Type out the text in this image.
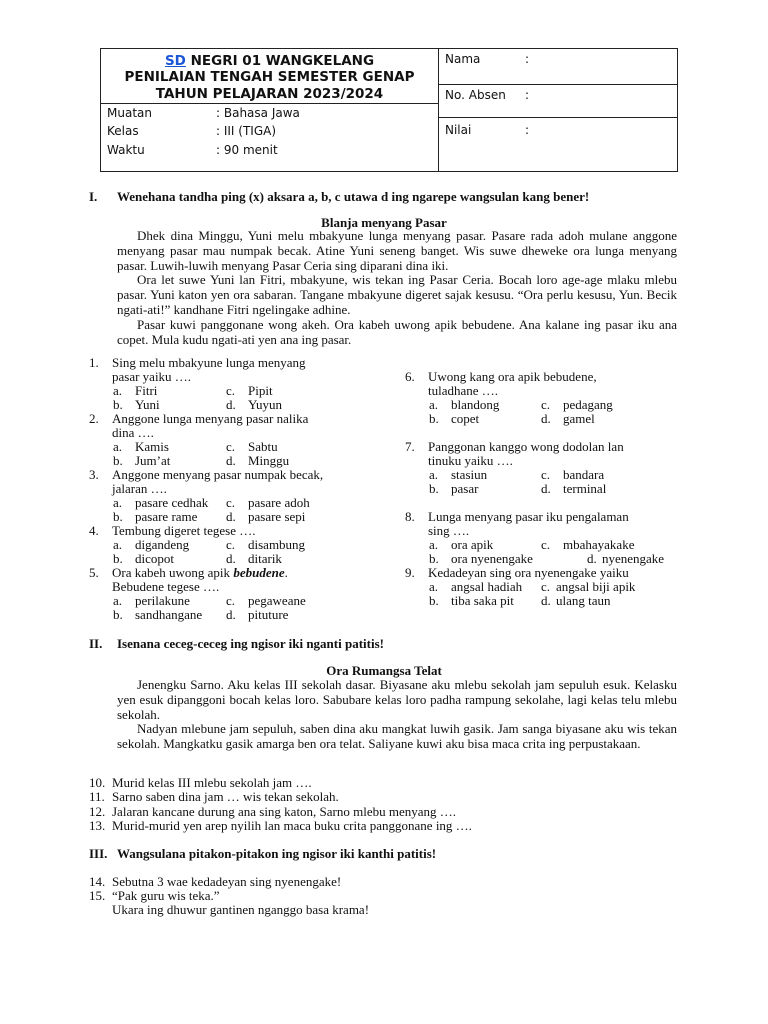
SD NEGRI 01 WANGKELANG
PENILAIAN TENGAH SEMESTER GENAP
TAHUN PELAJARAN 2023/2024
Muatan	: Bahasa Jawa
Kelas	: III (TIGA)
Waktu	: 90 menit
Nama	:
No. Absen :
Nilai	:
I. Wenehana tandha ping (x) aksara a, b, c utawa d ing ngarepe wangsulan kang bener!
Blanja menyang Pasar

Dhek dina Minggu, Yuni melu mbakyune lunga menyang pasar. Pasare rada adoh mulane anggone menyang pasar mau numpak becak. Atine Yuni seneng banget. Wis suwe dheweke ora lunga menyang pasar. Luwih-luwih menyang Pasar Ceria sing diparani dina iki.

Ora let suwe Yuni lan Fitri, mbakyune, wis tekan ing Pasar Ceria. Bocah loro age-age mlaku mlebu pasar. Yuni katon yen ora sabaran. Tangane mbakyune digeret sajak kesusu. “Ora perlu kesusu, Yun. Becik ngati-ati!” kandhane Fitri ngelingake adhine.

Pasar kuwi panggonane wong akeh. Ora kabeh uwong apik bebudene. Ana kalane ing pasar iku ana copet. Mula kudu ngati-ati yen ana ing pasar.

1. Sing melu mbakyune lunga menyang
pasar yaiku ….
a. Fitri	c. Pipit
b. Yuni	d. Yuyun
2. Anggone lunga menyang pasar nalika
dina ….
a. Kamis	c. Sabtu
b. Jum’at	d. Minggu
3. Anggone menyang pasar numpak becak,
jalaran ….
a. pasare cedhak c. pasare adoh
b. pasare rame d. pasare sepi
4. Tembung digeret tegese ….
a. digandeng	c. disambung
b. dicopot	d. ditarik
5. Ora kabeh uwong apik bebudene.
Bebudene tegese ….
a. perilakune	c. pegaweane
b. sandhangane d. pituture
6. Uwong kang ora apik bebudene,
tuladhane ….
a. blandong	c. pedagang
b. copet	d. gamel
7. Panggonan kanggo wong dodolan lan
tinuku yaiku ….
a. stasiun	c. bandara
b. pasar	d. terminal
8. Lunga menyang pasar iku pengalaman
sing ….
a. ora apik	c. mbahayakake
b. ora nyenengake	d. nyenengake
9. Kedadeyan sing ora nyenengake yaiku
a. angsal hadiah c. angsal biji apik
b. tiba saka pit d. ulang taun
II. Isenana ceceg-ceceg ing ngisor iki nganti patitis!
Ora Rumangsa Telat

Jenengku Sarno. Aku kelas III sekolah dasar. Biyasane aku mlebu sekolah jam sepuluh esuk. Kelasku yen esuk dipanggoni bocah kelas loro. Sabubare kelas loro padha rampung sekolahe, lagi kelas telu mlebu sekolah.

Nadyan mlebune jam sepuluh, saben dina aku mangkat luwih gasik. Jam sanga biyasane aku wis tekan sekolah. Mangkatku gasik amarga ben ora telat. Saliyane kuwi aku bisa maca crita ing perpustakaan.

10. Murid kelas III mlebu sekolah jam ….
11. Sarno saben dina jam … wis tekan sekolah.
12. Jalaran kancane durung ana sing katon, Sarno mlebu menyang ….
13. Murid-murid yen arep nyilih lan maca buku crita panggonane ing ….
III. Wangsulana pitakon-pitakon ing ngisor iki kanthi patitis!
14. Sebutna 3 wae kedadeyan sing nyenengake!
15. “Pak guru wis teka.”
Ukara ing dhuwur gantinen nganggo basa krama!
